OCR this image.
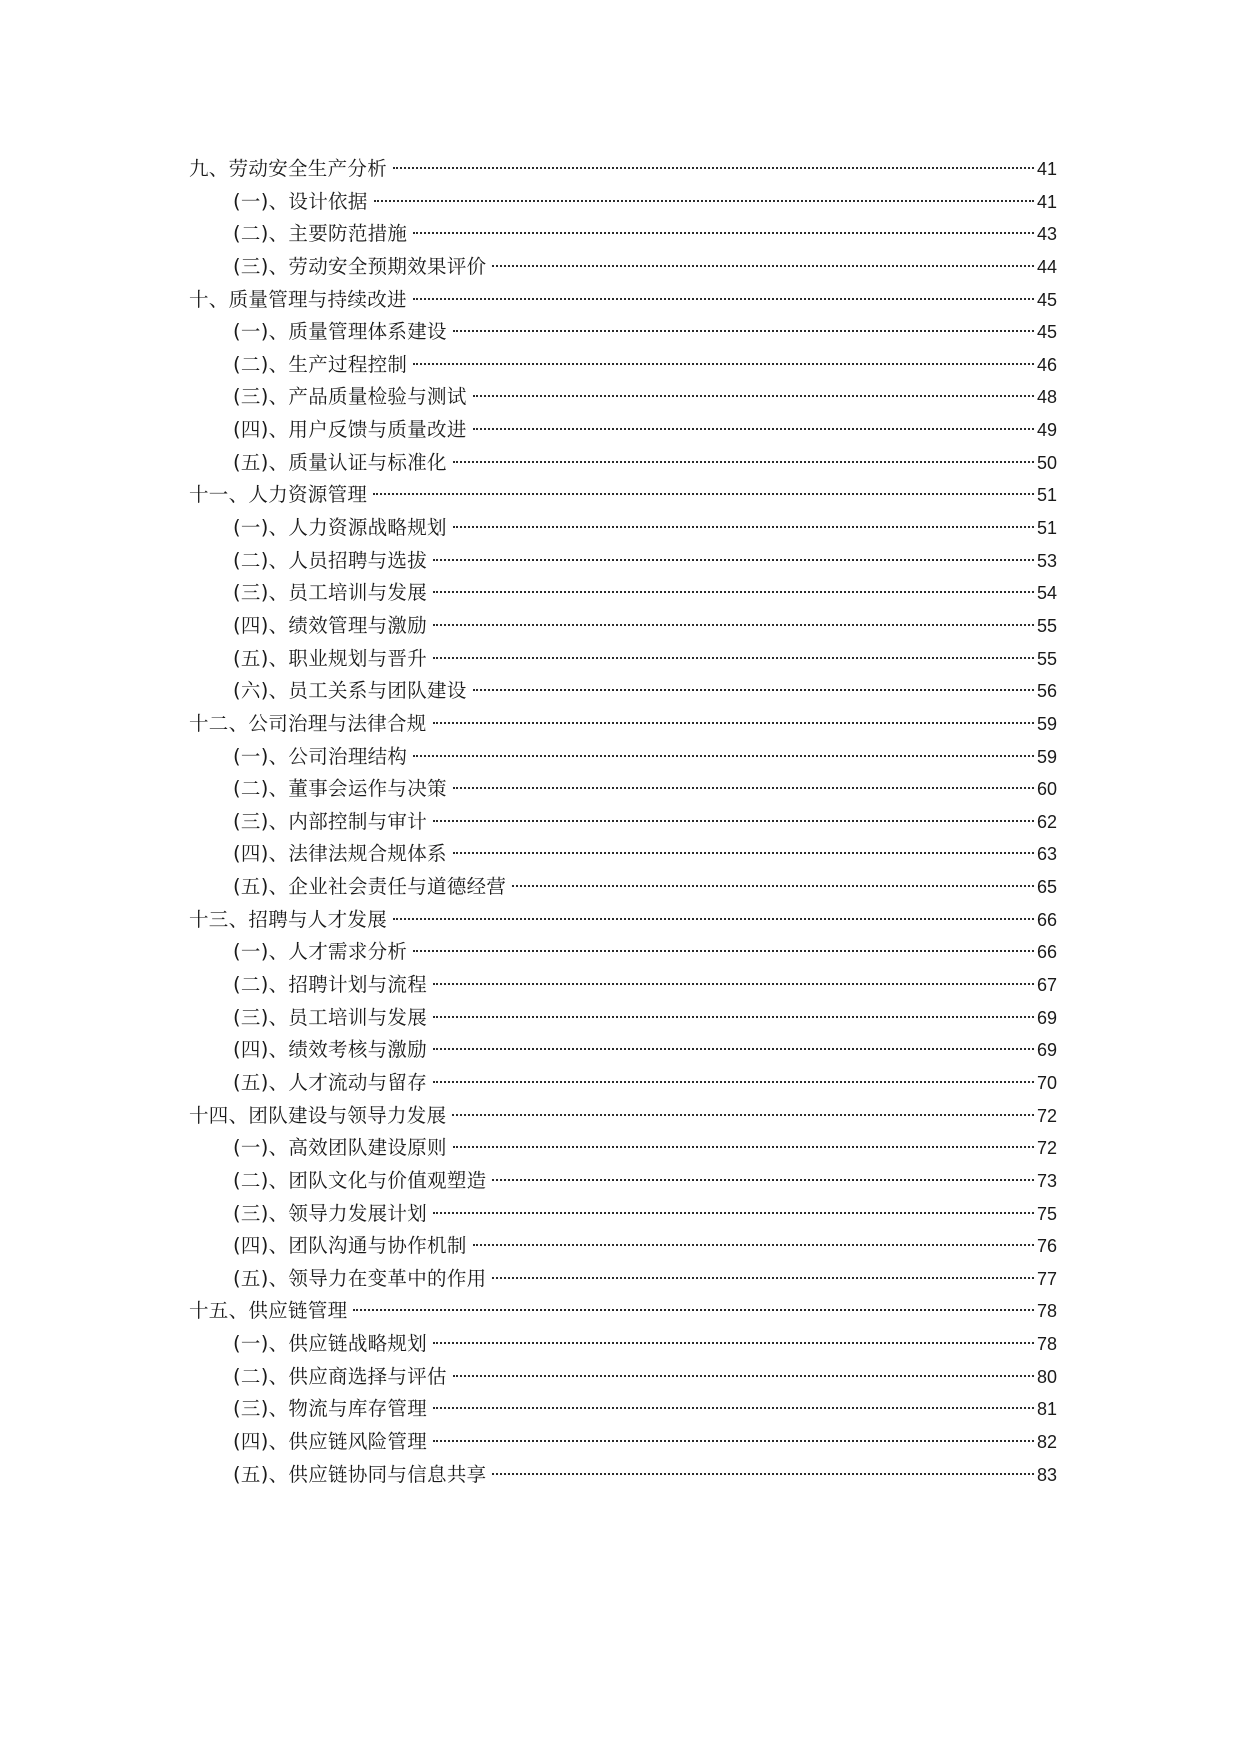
九、劳动安全生产分析	41
(一)、设计依据	41
(二)、主要防范措施	43
(三)、劳动安全预期效果评价	44
十、质量管理与持续改进	45
(一)、质量管理体系建设	45
(二)、生产过程控制	46
(三)、产品质量检验与测试	48
(四)、用户反馈与质量改进	49
(五)、质量认证与标准化	50
十一、人力资源管理	51
(一)、人力资源战略规划	51
(二)、人员招聘与选拔	53
(三)、员工培训与发展	54
(四)、绩效管理与激励	55
(五)、职业规划与晋升	55
(六)、员工关系与团队建设	56
十二、公司治理与法律合规	59
(一)、公司治理结构	59
(二)、董事会运作与决策	60
(三)、内部控制与审计	62
(四)、法律法规合规体系	63
(五)、企业社会责任与道德经营	65
十三、招聘与人才发展	66
(一)、人才需求分析	66
(二)、招聘计划与流程	67
(三)、员工培训与发展	69
(四)、绩效考核与激励	69
(五)、人才流动与留存	70
十四、团队建设与领导力发展	72
(一)、高效团队建设原则	72
(二)、团队文化与价值观塑造	73
(三)、领导力发展计划	75
(四)、团队沟通与协作机制	76
(五)、领导力在变革中的作用	77
十五、供应链管理	78
(一)、供应链战略规划	78
(二)、供应商选择与评估	80
(三)、物流与库存管理	81
(四)、供应链风险管理	82
(五)、供应链协同与信息共享	83
